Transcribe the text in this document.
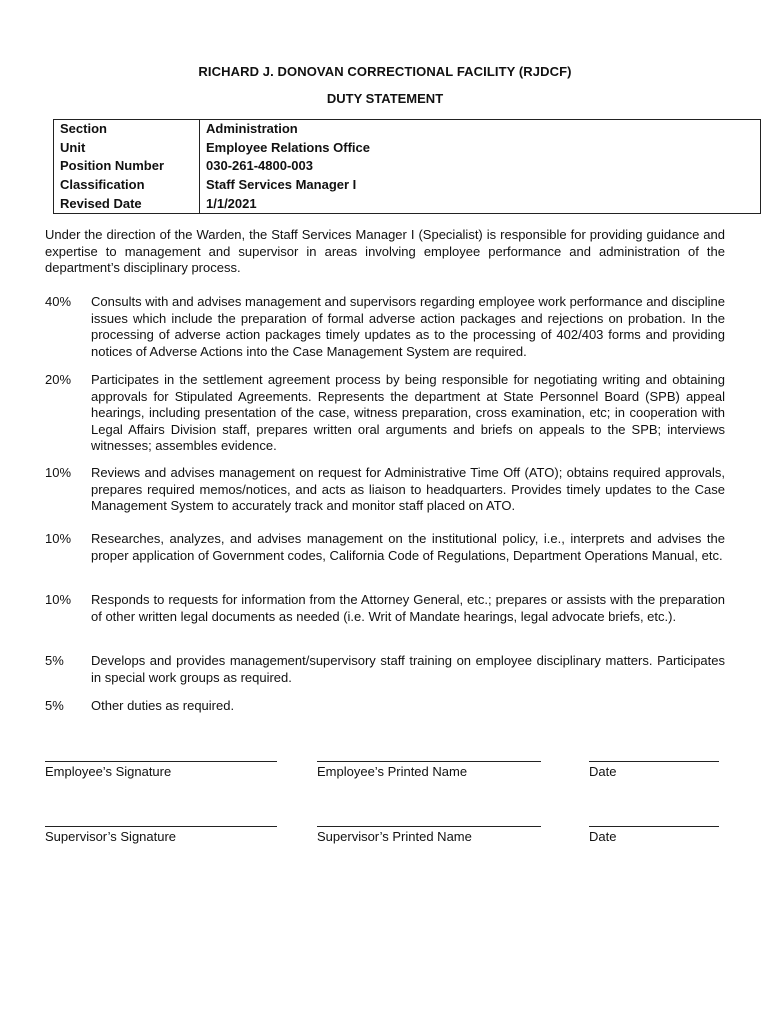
RICHARD J. DONOVAN CORRECTIONAL FACILITY (RJDCF)
DUTY STATEMENT
Section	Administration
Unit	Employee Relations Office
Position Number	030-261-4800-003
Classification	Staff Services Manager I
Revised Date	1/1/2021
Under the direction of the Warden, the Staff Services Manager I (Specialist) is responsible for providing guidance and expertise to management and supervisor in areas involving employee performance and administration of the department’s disciplinary process.
40%	Consults with and advises management and supervisors regarding employee work performance and discipline issues which include the preparation of formal adverse action packages and rejections on probation. In the processing of adverse action packages timely updates as to the processing of 402/403 forms and providing notices of Adverse Actions into the Case Management System are required.
20%	Participates in the settlement agreement process by being responsible for negotiating writing and obtaining approvals for Stipulated Agreements. Represents the department at State Personnel Board (SPB) appeal hearings, including presentation of the case, witness preparation, cross examination, etc; in cooperation with Legal Affairs Division staff, prepares written oral arguments and briefs on appeals to the SPB; interviews witnesses; assembles evidence.
10%	Reviews and advises management on request for Administrative Time Off (ATO); obtains required approvals, prepares required memos/notices, and acts as liaison to headquarters. Provides timely updates to the Case Management System to accurately track and monitor staff placed on ATO.
10%	Researches, analyzes, and advises management on the institutional policy, i.e., interprets and advises the proper application of Government codes, California Code of Regulations, Department Operations Manual, etc.
10%	Responds to requests for information from the Attorney General, etc.; prepares or assists with the preparation of other written legal documents as needed (i.e. Writ of Mandate hearings, legal advocate briefs, etc.).
5%	Develops and provides management/supervisory staff training on employee disciplinary matters. Participates in special work groups as required.
5%	Other duties as required.
Employee’s Signature	Employee’s Printed Name	Date
Supervisor’s Signature	Supervisor’s Printed Name	Date
